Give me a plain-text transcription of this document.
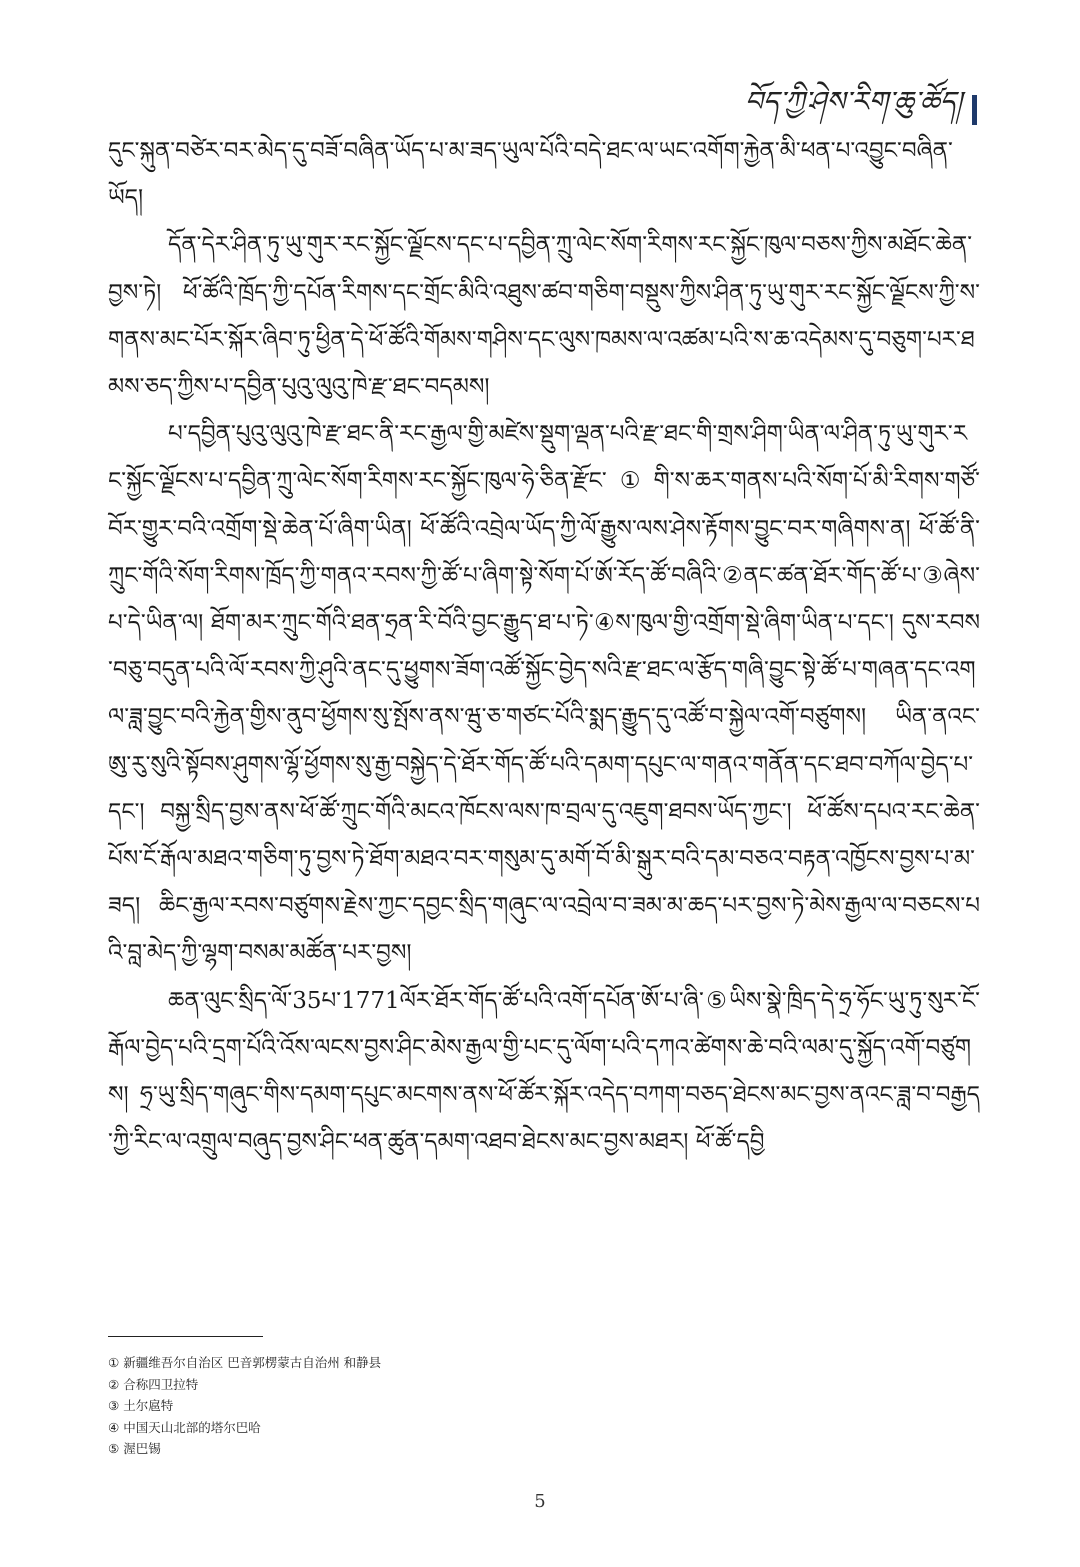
བོད་ཀྱི་ཤེས་རིག་ཆུ་ཚོད།

དུང་སྐུན་བཙེར་བར་མེད་དུ་བཟོ་བཞིན་ཡོད་པ་མ་ཟད་ཡུལ་པོའི་བདེ་ཐང་ལ་ཡང་འགོག་རྐྱེན་མི་ཕན་པ་འབྱུང་བཞིན་ཡོད།

དོན་དེར་ཤིན་ཏུ་ཡུ་གུར་རང་སྐྱོང་ལྗོངས་དང་པ་དབྱིན་ཀྲུ་ལེང་སོག་རིགས་རང་སྐྱོང་ཁུལ་བཅས་ཀྱིས་མཐོང་ཆེན་བྱས་ཏེ། ཕོ་ཚོའི་ཁྲོད་ཀྱི་དཔོན་རིགས་དང་གྲོང་མིའི་འཐུས་ཚབ་གཅིག་བསྡུས་ཀྱིས་ཤིན་ཏུ་ཡུ་གུར་རང་སྐྱོང་ལྗོངས་ཀྱི་ས་གནས་མང་པོར་སྐོར་ཞིབ་ཏུ་ཕྱིན་དེ་ཕོ་ཚོའི་གོམས་གཤིས་དང་ལུས་ཁམས་ལ་འཚམ་པའི་ས་ཆ་འདེམས་དུ་བཅུག་པར་ཐམས་ཅད་ཀྱིས་པ་དབྱིན་པུའུ་ལུའུ་ཁེ་རྫ་ཐང་བདམས།

པ་དབྱིན་པུའུ་ལུའུ་ཁེ་རྫ་ཐང་ནི་རང་རྒྱལ་གྱི་མཛེས་སྡུག་ལྡན་པའི་རྫ་ཐང་གི་གྲས་ཤིག་ཡིན་ལ་ཤིན་ཏུ་ཡུ་གུར་རང་སྐྱོང་ལྗོངས་པ་དབྱིན་ཀྲུ་ལེང་སོག་རིགས་རང་སྐྱོང་ཁུལ་ཧེ་ཅིན་རྫོང་①གི་ས་ཆར་གནས་པའི་སོག་པོ་མི་རིགས་གཙོ་བོར་གྱུར་བའི་འགྲོག་སྡེ་ཆེན་པོ་ཞིག་ཡིན། ཕོ་ཚོའི་འབྲེལ་ཡོད་ཀྱི་ལོ་རྒྱུས་ལས་ཤེས་རྟོགས་བྱུང་བར་གཞིགས་ན། ཕོ་ཚོ་ནི་ཀྲུང་གོའི་སོག་རིགས་ཁྲོད་ཀྱི་གནའ་རབས་ཀྱི་ཚོ་པ་ཞིག་སྟེ་སོག་པོ་ཨོ་རོད་ཚོ་བཞིའི་②ནང་ཚན་ཐོར་གོད་ཚོ་པ་③ཞེས་པ་དེ་ཡིན་ལ། ཐོག་མར་ཀྲུང་གོའི་ཐན་ཧྲན་རི་བོའི་བྱང་རྒྱུད་ཐ་པ་ཏེ་④ས་ཁུལ་གྱི་འགྲོག་སྡེ་ཞིག་ཡིན་པ་དང་། དུས་རབས་བཅུ་བདུན་པའི་ལོ་རབས་ཀྱི་ཤུའི་ནང་དུ་ཕྱུགས་ཟོག་འཚོ་སྐྱོང་བྱེད་སའི་རྫ་ཐང་ལ་རྩོད་གཞི་བྱུང་སྟེ་ཚོ་པ་གཞན་དང་འགལ་ཟླ་བྱུང་བའི་རྐྱེན་གྱིས་ནུབ་ཕྱོགས་སུ་སྤོས་ནས་ཝུ་ཅ་གཙང་པོའི་སྨད་རྒྱུད་དུ་འཚོ་བ་སྐྱེལ་འགོ་བཙུགས། ཡིན་ནའང་ཨུ་རུ་སུའི་སྟོབས་ཤུགས་ལྷོ་ཕྱོགས་སུ་རྒྱ་བསྐྱེད་དེ་ཐོར་གོད་ཚོ་པའི་དམག་དཔུང་ལ་གནའ་གནོན་དང་ཐབ་བཀོལ་བྱེད་པ་དང་། བསྐྱ་སྲིད་བྱས་ནས་ཕོ་ཚོ་ཀྲུང་གོའི་མངའ་ཁོངས་ལས་ཁ་བྲལ་དུ་འཇུག་ཐབས་ཡོད་ཀྱང་། ཕོ་ཚོས་དཔའ་རང་ཆེན་པོས་ངོ་རྒོལ་མཐའ་གཅིག་ཏུ་བྱས་ཏེ་ཐོག་མཐའ་བར་གསུམ་དུ་མགོ་བོ་མི་སྒུར་བའི་དམ་བཅའ་བརྟན་འཁྱོངས་བྱས་པ་མ་ཟད། ཆིང་རྒྱལ་རབས་བཙུགས་རྗེས་ཀྱང་དབྱང་སྲིད་གཞུང་ལ་འབྲེལ་བ་ཟམ་མ་ཆད་པར་བྱས་ཏེ་མེས་རྒྱལ་ལ་བཅངས་པའི་བླ་མེད་ཀྱི་ལྷག་བསམ་མཚོན་པར་བྱས།

ཆན་ལུང་སྲིད་ལོ་35པ་1771ལོར་ཐོར་གོད་ཚོ་པའི་འགོ་དཔོན་ཨོ་པ་ཞི་⑤ཡིས་སྣེ་ཁྲིད་དེ་ཧྲ་ཧོང་ཡུ་ཏུ་སུར་ངོ་རྒོལ་བྱེད་པའི་དྲག་པོའི་འོས་ལངས་བྱས་ཤིང་མེས་རྒྱལ་གྱི་པང་དུ་ལོག་པའི་དཀའ་ཚེགས་ཆེ་བའི་ལམ་དུ་སྐྱོད་འགོ་བཙུགས། ཧྲ་ཡུ་སྲིད་གཞུང་གིས་དམག་དཔུང་མངགས་ནས་ཕོ་ཚོར་སྐོར་འདེད་བཀག་བཅད་ཐེངས་མང་བྱས་ནའང་ཟླ་བ་བརྒྱད་ཀྱི་རིང་ལ་འགྲུལ་བཞུད་བྱས་ཤིང་ཕན་ཚུན་དམག་འཐབ་ཐེངས་མང་བྱས་མཐར། ཕོ་ཚོ་དབྱི

① 新疆维吾尔自治区 巴音郭楞蒙古自治州 和静县
② 合称四卫拉特
③ 土尔扈特
④ 中国天山北部的塔尔巴哈
⑤ 渥巴锡
5
